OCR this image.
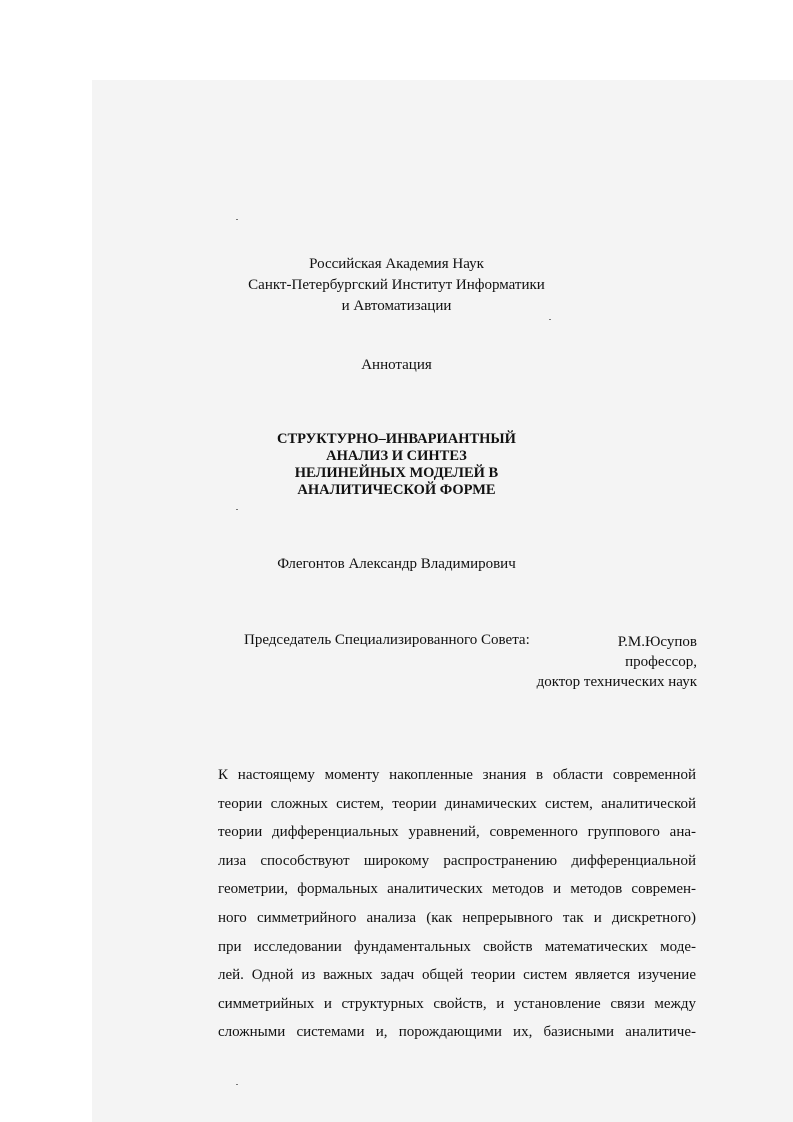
Российская Академия Наук
Санкт-Петербургский Институт Информатики
и Автоматизации
Аннотация
СТРУКТУРНО–ИНВАРИАНТНЫЙ
АНАЛИЗ И СИНТЕЗ
НЕЛИНЕЙНЫХ МОДЕЛЕЙ В
АНАЛИТИЧЕСКОЙ ФОРМЕ
Флегонтов Александр Владимирович
Председатель Специализированного Совета:	Р.М.Юсупов
профессор,
доктор технических наук
К настоящему моменту накопленные знания в области современной
теории сложных систем, теории динамических систем, аналитической
теории дифференциальных уравнений, современного группового ана-
лиза способствуют широкому распространению дифференциальной
геометрии, формальных аналитических методов и методов современ-
ного симметрийного анализа (как непрерывного так и дискретного)
при исследовании фундаментальных свойств математических моде-
лей. Одной из важных задач общей теории систем является изучение
симметрийных и структурных свойств, и установление связи между
сложными системами и, порождающими их, базисными аналитиче-
